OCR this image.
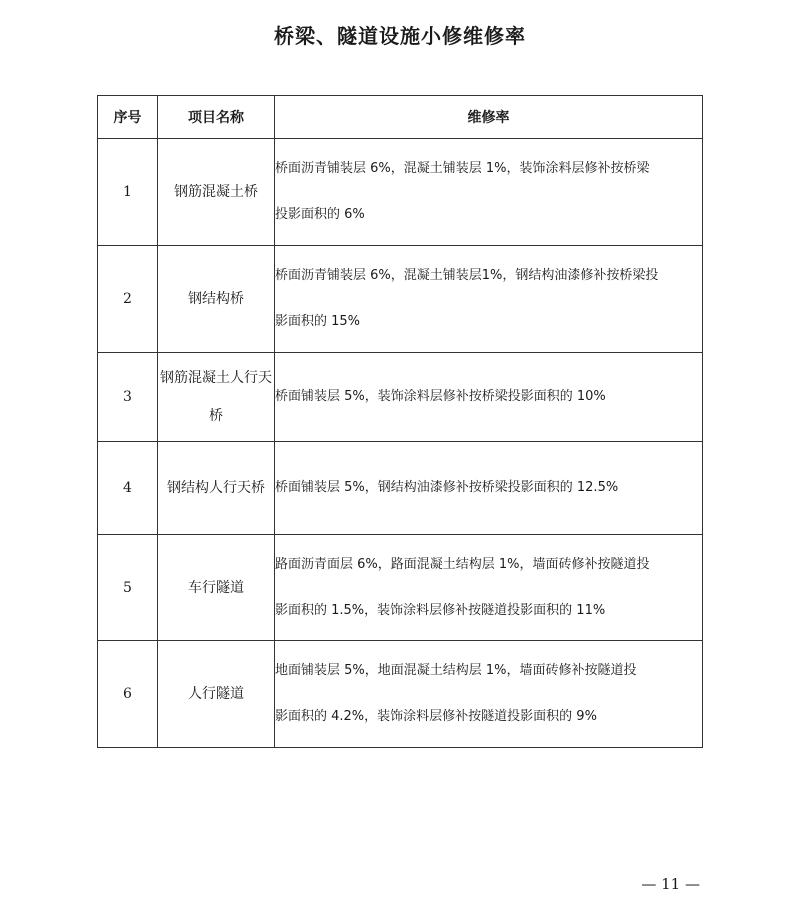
桥梁、隧道设施小修维修率
序号	项目名称	维修率
1	钢筋混凝土桥	桥面沥青铺装层 6%，混凝土铺装层 1%，装饰涂料层修补按桥梁
投影面积的 6%

2	钢结构桥	桥面沥青铺装层 6%，混凝土铺装层1%，钢结构油漆修补按桥梁投
影面积的 15%

3	钢筋混凝土人行天桥	桥面铺装层 5%，装饰涂料层修补按桥梁投影面积的 10%

4	钢结构人行天桥	桥面铺装层 5%，钢结构油漆修补按桥梁投影面积的 12.5%

5	车行隧道	路面沥青面层 6%，路面混凝土结构层 1%，墙面砖修补按隧道投
影面积的 1.5%，装饰涂料层修补按隧道投影面积的 11%

6	人行隧道	地面铺装层 5%，地面混凝土结构层 1%，墙面砖修补按隧道投
影面积的 4.2%，装饰涂料层修补按隧道投影面积的 9%
— 11 —
